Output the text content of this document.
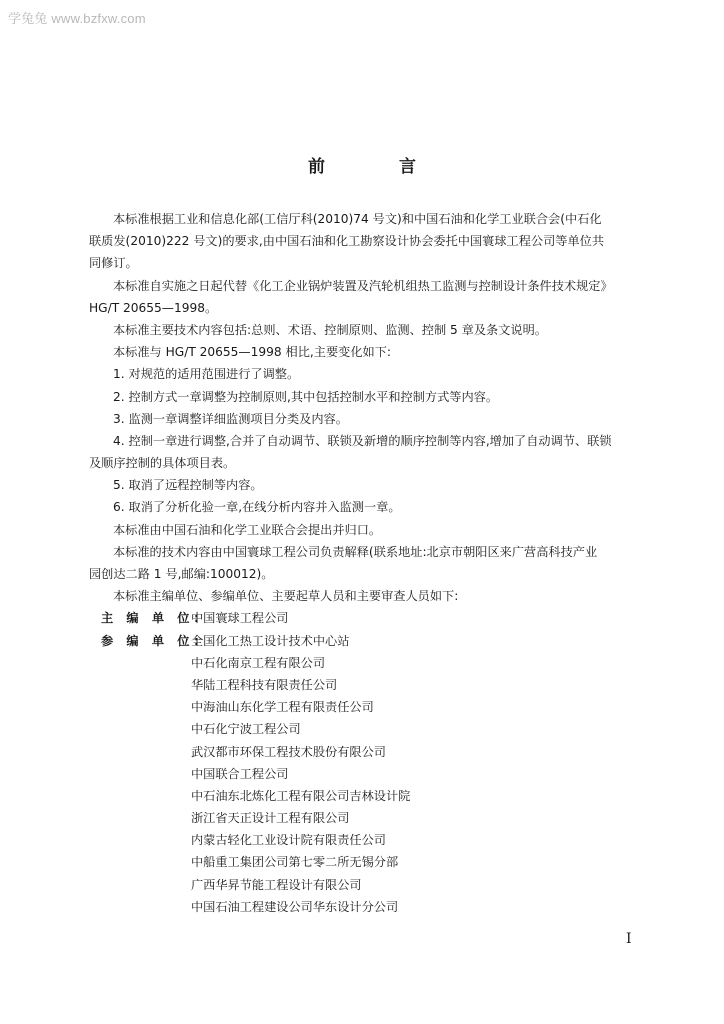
学兔兔 www.bzfxw.com
前 言
本标准根据工业和信息化部(工信厅科(2010)74 号文)和中国石油和化学工业联合会(中石化
联质发(2010)222 号文)的要求,由中国石油和化工勘察设计协会委托中国寰球工程公司等单位共
同修订。
本标准自实施之日起代替《化工企业锅炉装置及汽轮机组热工监测与控制设计条件技术规定》
HG/T 20655—1998。
本标准主要技术内容包括:总则、术语、控制原则、监测、控制 5 章及条文说明。
本标准与 HG/T 20655—1998 相比,主要变化如下:
1. 对规范的适用范围进行了调整。
2. 控制方式一章调整为控制原则,其中包括控制水平和控制方式等内容。
3. 监测一章调整详细监测项目分类及内容。
4. 控制一章进行调整,合并了自动调节、联锁及新增的顺序控制等内容,增加了自动调节、联锁
及顺序控制的具体项目表。
5. 取消了远程控制等内容。
6. 取消了分析化验一章,在线分析内容并入监测一章。
本标准由中国石油和化学工业联合会提出并归口。
本标准的技术内容由中国寰球工程公司负责解释(联系地址:北京市朝阳区来广营高科技产业
园创达二路 1 号,邮编:100012)。
本标准主编单位、参编单位、主要起草人员和主要审查人员如下:
主 编 单 位:
中国寰球工程公司
参 编 单 位:
全国化工热工设计技术中心站
中石化南京工程有限公司
华陆工程科技有限责任公司
中海油山东化学工程有限责任公司
中石化宁波工程公司
武汉都市环保工程技术股份有限公司
中国联合工程公司
中石油东北炼化工程有限公司吉林设计院
浙江省天正设计工程有限公司
内蒙古轻化工业设计院有限责任公司
中船重工集团公司第七零二所无锡分部
广西华昇节能工程设计有限公司
中国石油工程建设公司华东设计分公司
I
